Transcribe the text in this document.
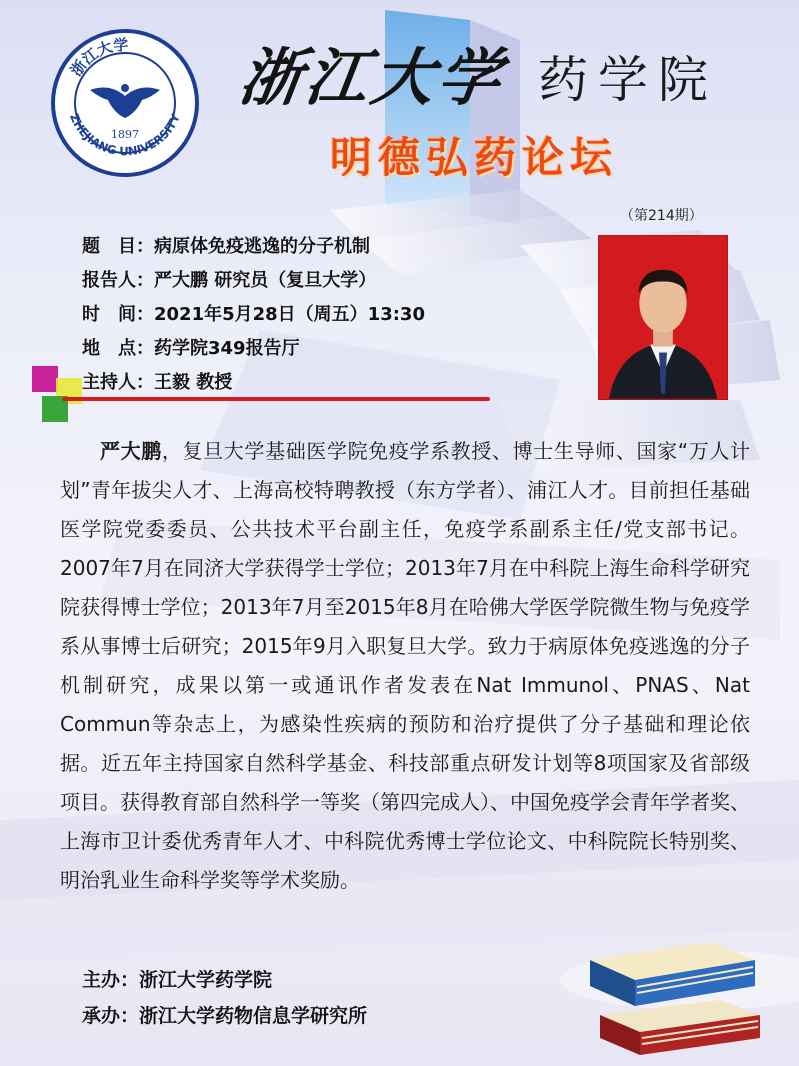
浙江大学
ZHEJIANG UNIVERSITY
1897
浙江大学 药学院
明德弘药论坛
（第214期）
题　目： 病原体免疫逃逸的分子机制
报告人： 严大鹏 研究员（复旦大学）
时　间： 2021年5月28日（周五）13:30
地　点： 药学院349报告厅
主持人： 王毅 教授
严大鹏，复旦大学基础医学院免疫学系教授、博士生导师、国家“万人计划”青年拔尖人才、上海高校特聘教授（东方学者）、浦江人才。目前担任基础医学院党委委员、公共技术平台副主任，免疫学系副系主任/党支部书记。2007年7月在同济大学获得学士学位；2013年7月在中科院上海生命科学研究院获得博士学位；2013年7月至2015年8月在哈佛大学医学院微生物与免疫学系从事博士后研究；2015年9月入职复旦大学。致力于病原体免疫逃逸的分子机制研究，成果以第一或通讯作者发表在Nat Immunol、PNAS、Nat Commun等杂志上，为感染性疾病的预防和治疗提供了分子基础和理论依据。近五年主持国家自然科学基金、科技部重点研发计划等8项国家及省部级项目。获得教育部自然科学一等奖（第四完成人）、中国免疫学会青年学者奖、上海市卫计委优秀青年人才、中科院优秀博士学位论文、中科院院长特别奖、明治乳业生命科学奖等学术奖励。
主办：浙江大学药学院
承办：浙江大学药物信息学研究所
